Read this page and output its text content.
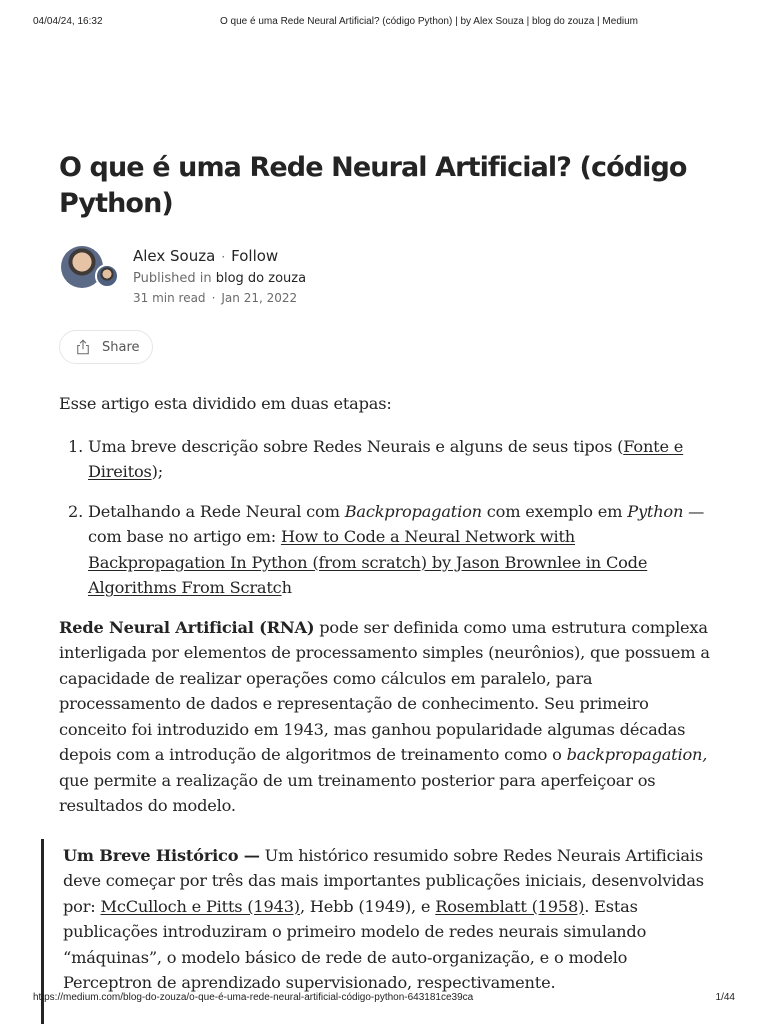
04/04/24, 16:32	O que é uma Rede Neural Artificial? (código Python) | by Alex Souza | blog do zouza | Medium
O que é uma Rede Neural Artificial? (código Python)
Alex Souza · Follow
Published in blog do zouza
31 min read · Jan 21, 2022
Share

Esse artigo esta dividido em duas etapas:

1. Uma breve descrição sobre Redes Neurais e alguns de seus tipos (Fonte e Direitos);
2. Detalhando a Rede Neural com Backpropagation com exemplo em Python — com base no artigo em: How to Code a Neural Network with Backpropagation In Python (from scratch) by Jason Brownlee in Code Algorithms From Scratch

Rede Neural Artificial (RNA) pode ser definida como uma estrutura complexa interligada por elementos de processamento simples (neurônios), que possuem a capacidade de realizar operações como cálculos em paralelo, para processamento de dados e representação de conhecimento. Seu primeiro conceito foi introduzido em 1943, mas ganhou popularidade algumas décadas depois com a introdução de algoritmos de treinamento como o backpropagation, que permite a realização de um treinamento posterior para aperfeiçoar os resultados do modelo.

Um Breve Histórico — Um histórico resumido sobre Redes Neurais Artificiais deve começar por três das mais importantes publicações iniciais, desenvolvidas por: McCulloch e Pitts (1943), Hebb (1949), e Rosemblatt (1958). Estas publicações introduziram o primeiro modelo de redes neurais simulando “máquinas”, o modelo básico de rede de auto-organização, e o modelo Perceptron de aprendizado supervisionado, respectivamente.
https://medium.com/blog-do-zouza/o-que-é-uma-rede-neural-artificial-código-python-643181ce39ca	1/44
